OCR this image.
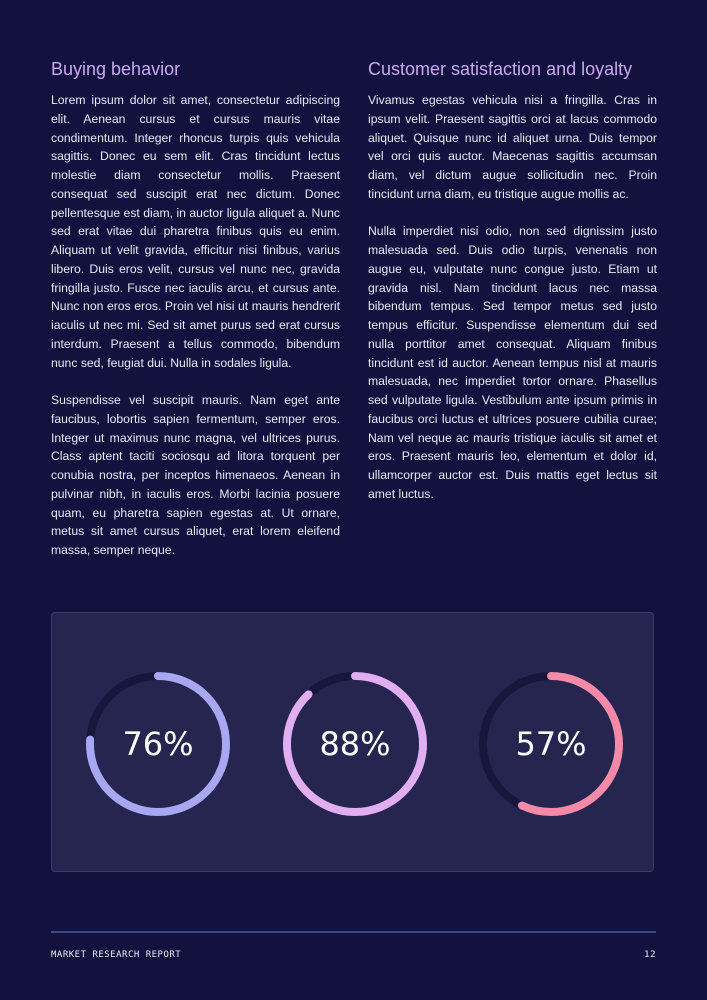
Buying behavior

Lorem ipsum dolor sit amet, consectetur adipiscing elit. Aenean cursus et cursus mauris vitae condimentum. Integer rhoncus turpis quis vehicula sagittis. Donec eu sem elit. Cras tincidunt lectus molestie diam consectetur mollis. Praesent consequat sed suscipit erat nec dictum. Donec pellentesque est diam, in auctor ligula aliquet a. Nunc sed erat vitae dui pharetra finibus quis eu enim. Aliquam ut velit gravida, efficitur nisi finibus, varius libero. Duis eros velit, cursus vel nunc nec, gravida fringilla justo. Fusce nec iaculis arcu, et cursus ante. Nunc non eros eros. Proin vel nisi ut mauris hendrerit iaculis ut nec mi. Sed sit amet purus sed erat cursus interdum. Praesent a tellus commodo, bibendum nunc sed, feugiat dui. Nulla in sodales ligula.

Suspendisse vel suscipit mauris. Nam eget ante faucibus, lobortis sapien fermentum, semper eros. Integer ut maximus nunc magna, vel ultrices purus. Class aptent taciti sociosqu ad litora torquent per conubia nostra, per inceptos himenaeos. Aenean in pulvinar nibh, in iaculis eros. Morbi lacinia posuere quam, eu pharetra sapien egestas at. Ut ornare, metus sit amet cursus aliquet, erat lorem eleifend massa, semper neque.

Customer satisfaction and loyalty

Vivamus egestas vehicula nisi a fringilla. Cras in ipsum velit. Praesent sagittis orci at lacus commodo aliquet. Quisque nunc id aliquet urna. Duis tempor vel orci quis auctor. Maecenas sagittis accumsan diam, vel dictum augue sollicitudin nec. Proin tincidunt urna diam, eu tristique augue mollis ac.

Nulla imperdiet nisi odio, non sed dignissim justo malesuada sed. Duis odio turpis, venenatis non augue eu, vulputate nunc congue justo. Etiam ut gravida nisl. Nam tincidunt lacus nec massa bibendum tempus. Sed tempor metus sed justo tempus efficitur. Suspendisse elementum dui sed nulla porttitor amet consequat. Aliquam finibus tincidunt est id auctor. Aenean tempus nisl at mauris malesuada, nec imperdiet tortor ornare. Phasellus sed vulputate ligula. Vestibulum ante ipsum primis in faucibus orci luctus et ultrices posuere cubilia curae; Nam vel neque ac mauris tristique iaculis sit amet et eros. Praesent mauris leo, elementum et dolor id, ullamcorper auctor est. Duis mattis eget lectus sit amet luctus.

76%	88%	57%
MARKET RESEARCH REPORT	12
